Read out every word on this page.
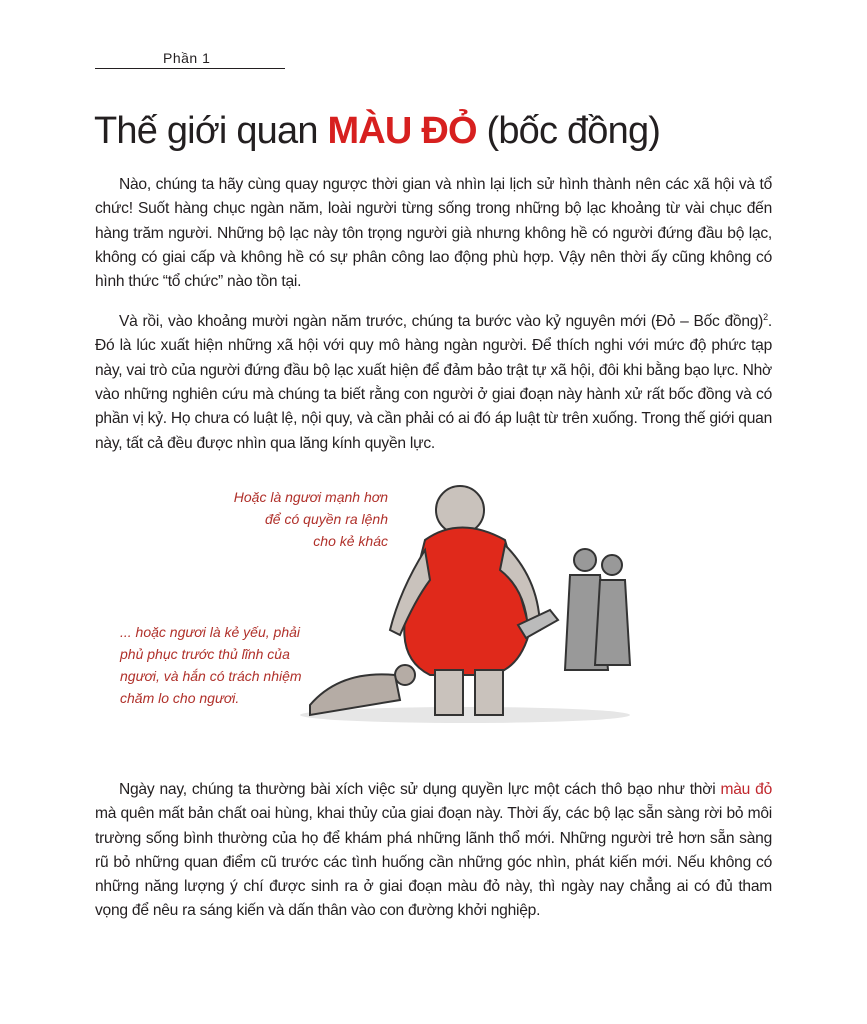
Phần 1
Thế giới quan MÀU ĐỎ (bốc đồng)

Nào, chúng ta hãy cùng quay ngược thời gian và nhìn lại lịch sử hình thành nên các xã hội và tổ chức! Suốt hàng chục ngàn năm, loài người từng sống trong những bộ lạc khoảng từ vài chục đến hàng trăm người. Những bộ lạc này tôn trọng người già nhưng không hề có người đứng đầu bộ lạc, không có giai cấp và không hề có sự phân công lao động phù hợp. Vậy nên thời ấy cũng không có hình thức “tổ chức” nào tồn tại.

Và rồi, vào khoảng mười ngàn năm trước, chúng ta bước vào kỷ nguyên mới (Đỏ – Bốc đồng)$^2$. Đó là lúc xuất hiện những xã hội với quy mô hàng ngàn người. Để thích nghi với mức độ phức tạp này, vai trò của người đứng đầu bộ lạc xuất hiện để đảm bảo trật tự xã hội, đôi khi bằng bạo lực. Nhờ vào những nghiên cứu mà chúng ta biết rằng con người ở giai đoạn này hành xử rất bốc đồng và có phần vị kỷ. Họ chưa có luật lệ, nội quy, và cần phải có ai đó áp luật từ trên xuống. Trong thế giới quan này, tất cả đều được nhìn qua lăng kính quyền lực.

Hoặc là ngươi mạnh hơn
để có quyền ra lệnh
cho kẻ khác
... hoặc ngươi là kẻ yếu, phải
phủ phục trước thủ lĩnh của
ngươi, và hắn có trách nhiệm
chăm lo cho ngươi.

Ngày nay, chúng ta thường bài xích việc sử dụng quyền lực một cách thô bạo như thời màu đỏ mà quên mất bản chất oai hùng, khai thủy của giai đoạn này. Thời ấy, các bộ lạc sẵn sàng rời bỏ môi trường sống bình thường của họ để khám phá những lãnh thổ mới. Những người trẻ hơn sẵn sàng rũ bỏ những quan điểm cũ trước các tình huống cần những góc nhìn, phát kiến mới. Nếu không có những năng lượng ý chí được sinh ra ở giai đoạn màu đỏ này, thì ngày nay chẳng ai có đủ tham vọng để nêu ra sáng kiến và dấn thân vào con đường khởi nghiệp.
